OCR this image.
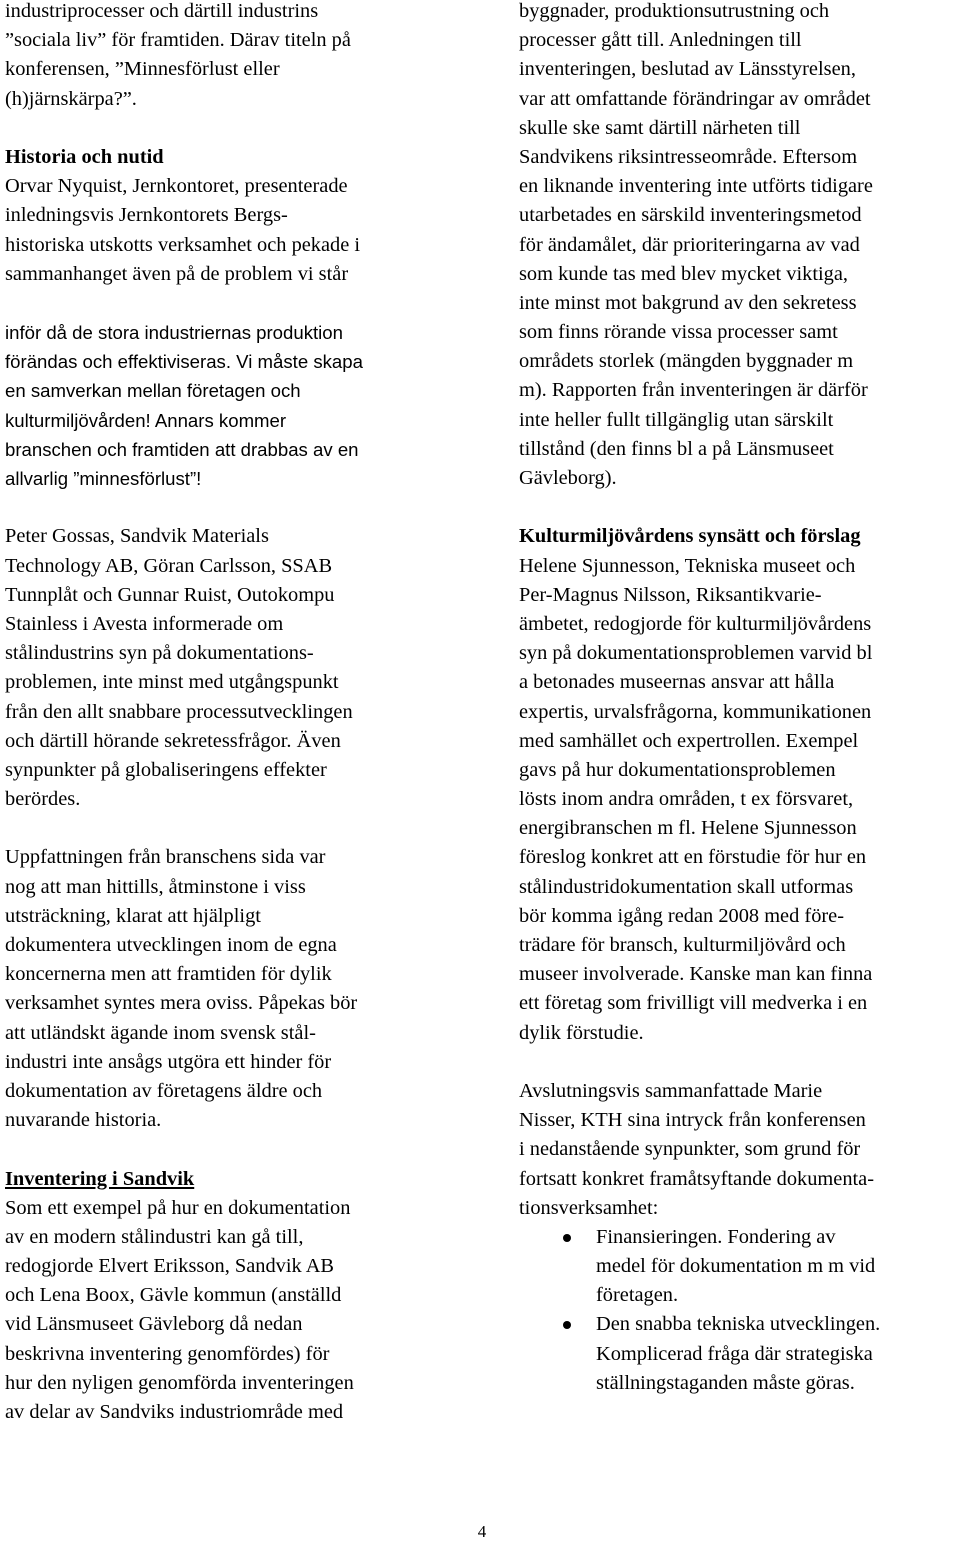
industriprocesser och därtill industrins
”sociala liv” för framtiden. Därav titeln på
konferensen, ”Minnesförlust eller
(h)järnskärpa?”.
Historia och nutid
Orvar Nyquist, Jernkontoret, presenterade
inledningsvis Jernkontorets Bergs-
historiska utskotts verksamhet och pekade i
sammanhanget även på de problem vi står
inför då de stora industriernas produktion
förändas och effektiviseras. Vi måste skapa
en samverkan mellan företagen och
kulturmiljövården! Annars kommer
branschen och framtiden att drabbas av en
allvarlig ”minnesförlust”!
Peter Gossas, Sandvik Materials
Technology AB, Göran Carlsson, SSAB
Tunnplåt och Gunnar Ruist, Outokompu
Stainless i Avesta informerade om
stålindustrins syn på dokumentations-
problemen, inte minst med utgångspunkt
från den allt snabbare processutvecklingen
och därtill hörande sekretessfrågor. Även
synpunkter på globaliseringens effekter
berördes.
Uppfattningen från branschens sida var
nog att man hittills, åtminstone i viss
utsträckning, klarat att hjälpligt
dokumentera utvecklingen inom de egna
koncernerna men att framtiden för dylik
verksamhet syntes mera oviss. Påpekas bör
att utländskt ägande inom svensk stål-
industri inte ansågs utgöra ett hinder för
dokumentation av företagens äldre och
nuvarande historia.
Inventering i Sandvik
Som ett exempel på hur en dokumentation
av en modern stålindustri kan gå till,
redogjorde Elvert Eriksson, Sandvik AB
och Lena Boox, Gävle kommun (anställd
vid Länsmuseet Gävleborg då nedan
beskrivna inventering genomfördes) för
hur den nyligen genomförda inventeringen
av delar av Sandviks industriområde med
byggnader, produktionsutrustning och
processer gått till. Anledningen till
inventeringen, beslutad av Länsstyrelsen,
var att omfattande förändringar av området
skulle ske samt därtill närheten till
Sandvikens riksintresseområde. Eftersom
en liknande inventering inte utförts tidigare
utarbetades en särskild inventeringsmetod
för ändamålet, där prioriteringarna av vad
som kunde tas med blev mycket viktiga,
inte minst mot bakgrund av den sekretess
som finns rörande vissa processer samt
områdets storlek (mängden byggnader m
m). Rapporten från inventeringen är därför
inte heller fullt tillgänglig utan särskilt
tillstånd (den finns bl a på Länsmuseet
Gävleborg).
Kulturmiljövårdens synsätt och förslag
Helene Sjunnesson, Tekniska museet och
Per-Magnus Nilsson, Riksantikvarie-
ämbetet, redogjorde för kulturmiljövårdens
syn på dokumentationsproblemen varvid bl
a betonades museernas ansvar att hålla
expertis, urvalsfrågorna, kommunikationen
med samhället och expertrollen. Exempel
gavs på hur dokumentationsproblemen
lösts inom andra områden, t ex försvaret,
energibranschen m fl. Helene Sjunnesson
föreslog konkret att en förstudie för hur en
stålindustridokumentation skall utformas
bör komma igång redan 2008 med före-
trädare för bransch, kulturmiljövård och
museer involverade. Kanske man kan finna
ett företag som frivilligt vill medverka i en
dylik förstudie.
Avslutningsvis sammanfattade Marie
Nisser, KTH sina intryck från konferensen
i nedanstående synpunkter, som grund för
fortsatt konkret framåtsyftande dokumenta-
tionsverksamhet:
Finansieringen. Fondering av
medel för dokumentation m m vid
företagen.
Den snabba tekniska utvecklingen.
Komplicerad fråga där strategiska
ställningstaganden måste göras.
4
